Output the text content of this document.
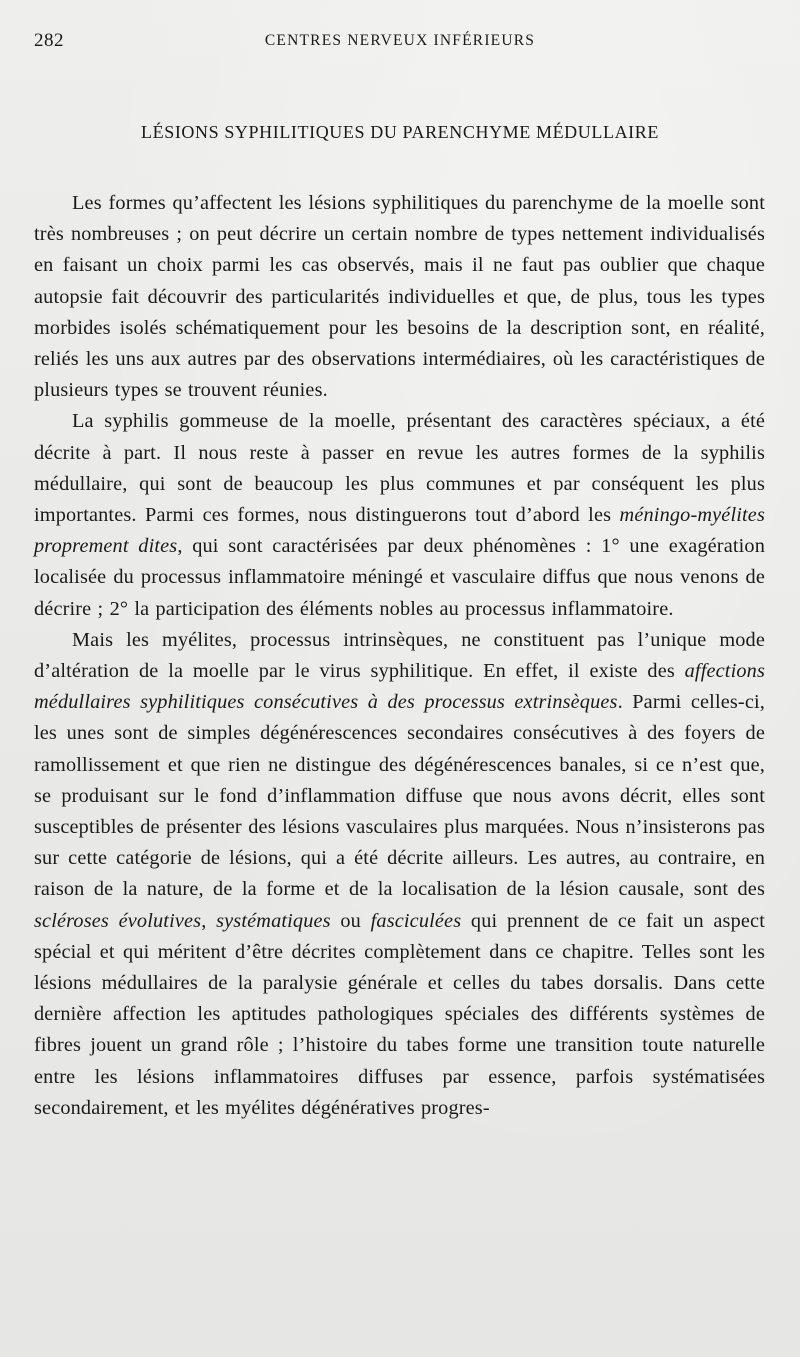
282	CENTRES NERVEUX INFÉRIEURS
LÉSIONS SYPHILITIQUES DU PARENCHYME MÉDULLAIRE

Les formes qu’affectent les lésions syphilitiques du parenchyme de la moelle sont très nombreuses ; on peut décrire un certain nombre de types nettement individualisés en faisant un choix parmi les cas observés, mais il ne faut pas oublier que chaque autopsie fait découvrir des particularités individuelles et que, de plus, tous les types morbides isolés schématiquement pour les besoins de la description sont, en réalité, reliés les uns aux autres par des observations intermédiaires, où les caractéristiques de plusieurs types se trouvent réunies.

La syphilis gommeuse de la moelle, présentant des caractères spéciaux, a été décrite à part. Il nous reste à passer en revue les autres formes de la syphilis médullaire, qui sont de beaucoup les plus communes et par conséquent les plus importantes. Parmi ces formes, nous distinguerons tout d’abord les méningo-myélites proprement dites, qui sont caractérisées par deux phénomènes : 1° une exagération localisée du processus inflammatoire méningé et vasculaire diffus que nous venons de décrire ; 2° la participation des éléments nobles au processus inflammatoire.

Mais les myélites, processus intrinsèques, ne constituent pas l’unique mode d’altération de la moelle par le virus syphilitique. En effet, il existe des affections médullaires syphilitiques consécutives à des processus extrinsèques. Parmi celles-ci, les unes sont de simples dégénérescences secondaires consécutives à des foyers de ramollissement et que rien ne distingue des dégénérescences banales, si ce n’est que, se produisant sur le fond d’inflammation diffuse que nous avons décrit, elles sont susceptibles de présenter des lésions vasculaires plus marquées. Nous n’insisterons pas sur cette catégorie de lésions, qui a été décrite ailleurs. Les autres, au contraire, en raison de la nature, de la forme et de la localisation de la lésion causale, sont des scléroses évolutives, systématiques ou fasciculées qui prennent de ce fait un aspect spécial et qui méritent d’être décrites complètement dans ce chapitre. Telles sont les lésions médullaires de la paralysie générale et celles du tabes dorsalis. Dans cette dernière affection les aptitudes pathologiques spéciales des différents systèmes de fibres jouent un grand rôle ; l’histoire du tabes forme une transition toute naturelle entre les lésions inflammatoires diffuses par essence, parfois systématisées secondairement, et les myélites dégénératives progres-
